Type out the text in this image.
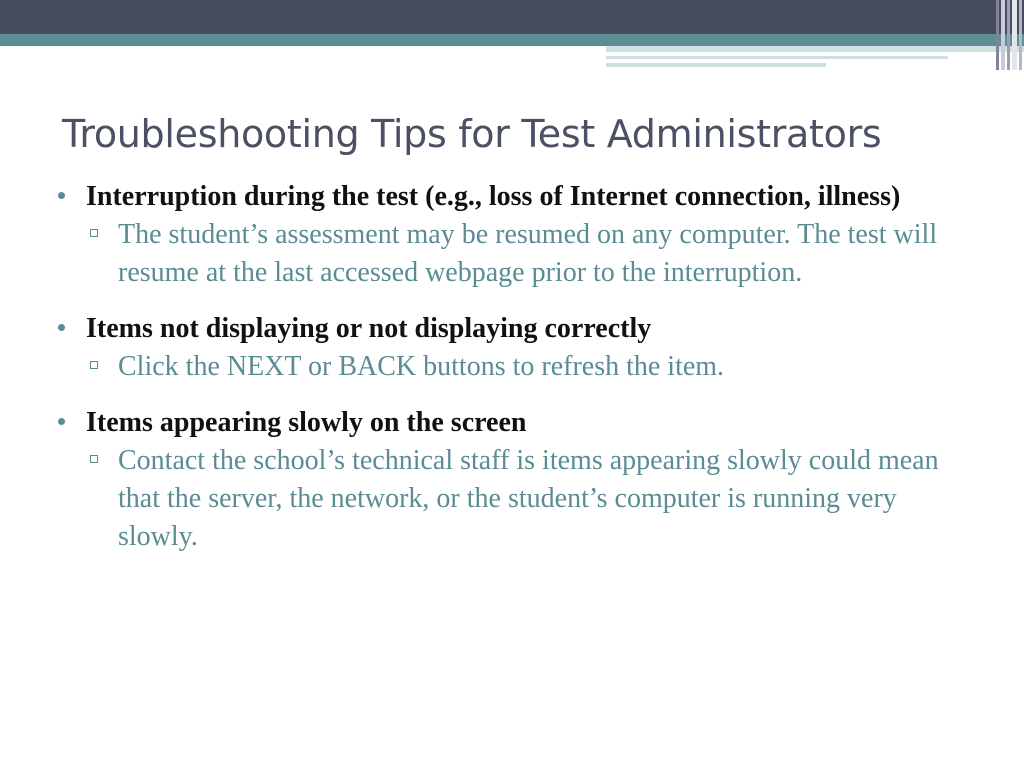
Troubleshooting Tips for Test Administrators
Interruption during the test (e.g., loss of Internet connection, illness)
The student’s assessment may be resumed on any computer. The test will resume at the last accessed webpage prior to the interruption.
Items not displaying or not displaying correctly
Click the NEXT or BACK buttons to refresh the item.
Items appearing slowly on the screen
Contact the school’s technical staff is items appearing slowly could mean that the server, the network, or the student’s computer is running very slowly.
